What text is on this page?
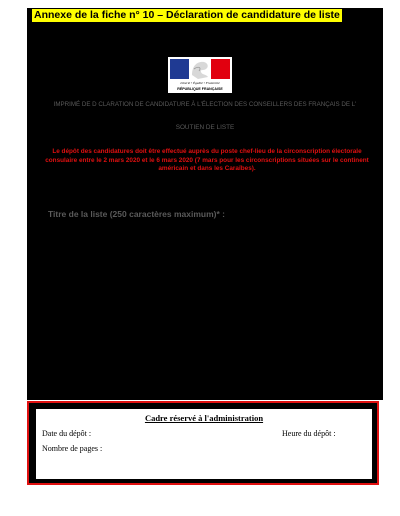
Annexe de la fiche n° 10 – Déclaration de candidature de liste
Liberté • Égalité • Fraternité
RÉPUBLIQUE FRANÇAISE
IMPRIMÉ DE D CLARATION DE CANDIDATURE À L'ÉLECTION DES CONSEILLERS DES FRANÇAIS DE L'
SOUTIEN DE LISTE
Le dépôt des candidatures doit être effectué auprès du poste chef-lieu de la circonscription électorale consulaire entre le 2 mars 2020 et le 6 mars 2020 (7 mars pour les circonscriptions situées sur le continent américain et dans les Caraïbes).
Titre de la liste (250 caractères maximum)* :
Cadre réservé à l'administration
Date du dépôt :	Heure du dépôt :
Nombre de pages :
